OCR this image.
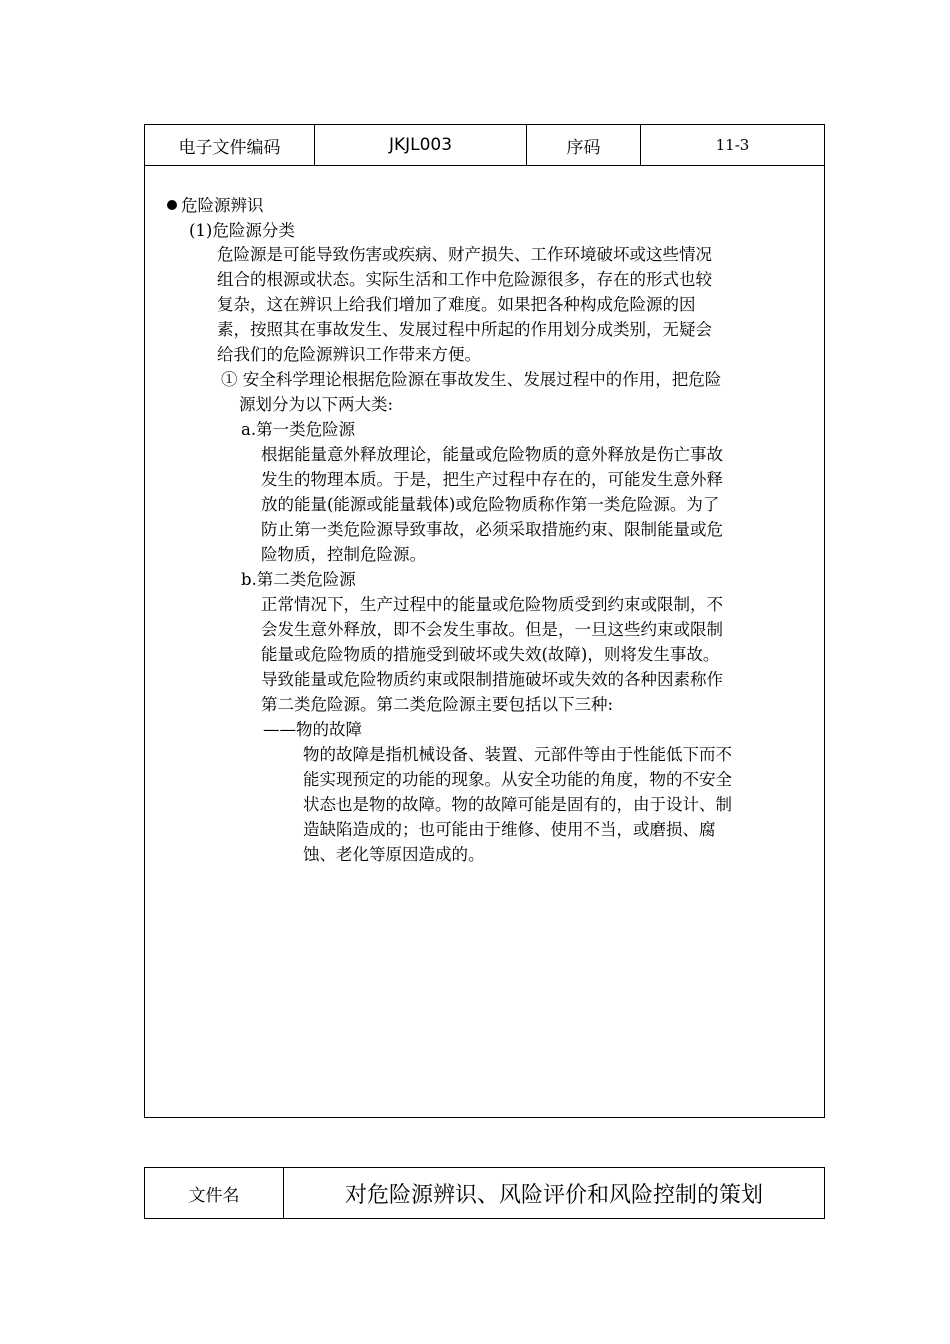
电子文件编码	JKJL003	序码	11-3
危险源辨识
(1)危险源分类
危险源是可能导致伤害或疾病、财产损失、工作环境破坏或这些情况
组合的根源或状态。实际生活和工作中危险源很多，存在的形式也较
复杂，这在辨识上给我们增加了难度。如果把各种构成危险源的因
素，按照其在事故发生、发展过程中所起的作用划分成类别，无疑会
给我们的危险源辨识工作带来方便。
① 安全科学理论根据危险源在事故发生、发展过程中的作用，把危险
源划分为以下两大类:
a.第一类危险源
根据能量意外释放理论，能量或危险物质的意外释放是伤亡事故
发生的物理本质。于是，把生产过程中存在的，可能发生意外释
放的能量(能源或能量载体)或危险物质称作第一类危险源。为了
防止第一类危险源导致事故，必须采取措施约束、限制能量或危
险物质，控制危险源。
b.第二类危险源
正常情况下，生产过程中的能量或危险物质受到约束或限制，不
会发生意外释放，即不会发生事故。但是，一旦这些约束或限制
能量或危险物质的措施受到破坏或失效(故障)，则将发生事故。
导致能量或危险物质约束或限制措施破坏或失效的各种因素称作
第二类危险源。第二类危险源主要包括以下三种:
——物的故障
物的故障是指机械设备、装置、元部件等由于性能低下而不
能实现预定的功能的现象。从安全功能的角度，物的不安全
状态也是物的故障。物的故障可能是固有的，由于设计、制
造缺陷造成的；也可能由于维修、使用不当，或磨损、腐
蚀、老化等原因造成的。
文件名	对危险源辨识、风险评价和风险控制的策划
